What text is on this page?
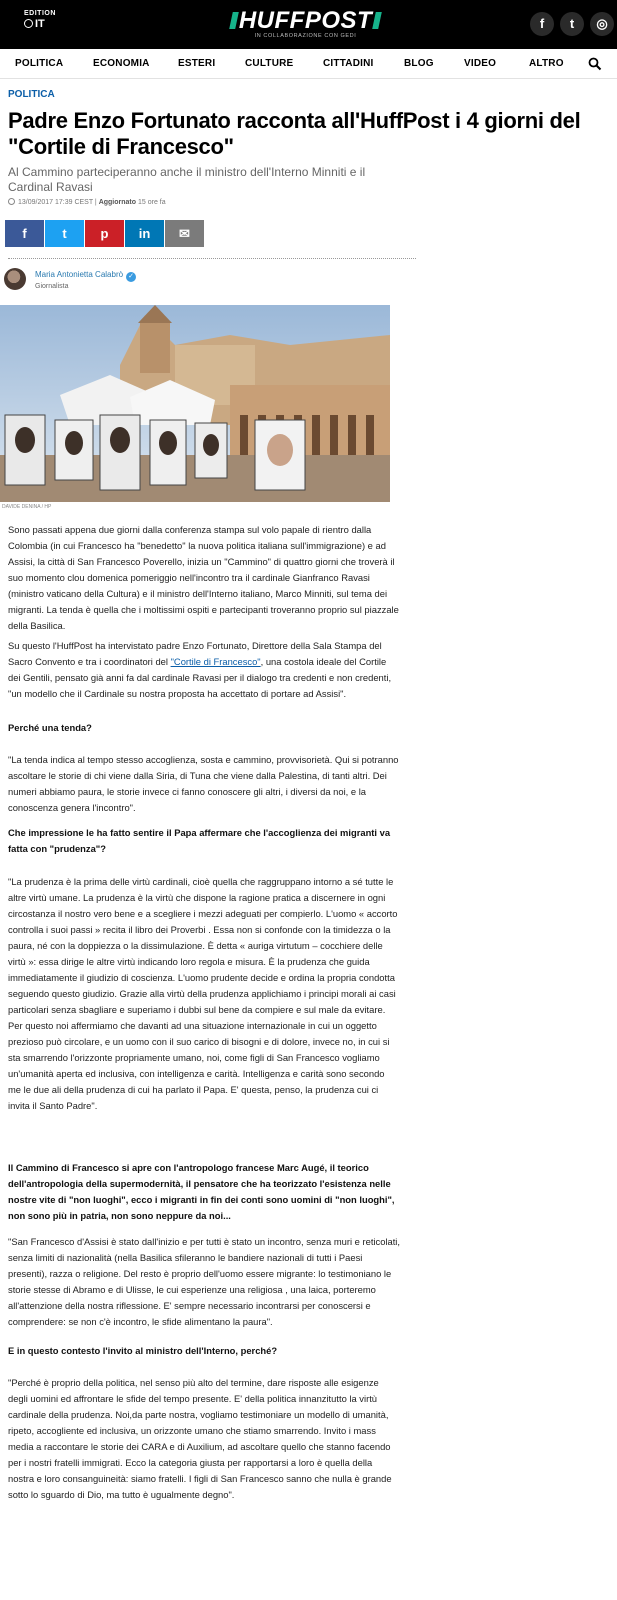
EDITION
IT	HUFFPOST
IN COLLABORAZIONE CON GEDI
f	t	◎
POLITICA	ECONOMIA	ESTERI	CULTURE	CITTADINI	BLOG	VIDEO	ALTRO
POLITICA
Padre Enzo Fortunato racconta all'HuffPost i 4 giorni del "Cortile di Francesco"
Al Cammino parteciperanno anche il ministro dell'Interno Minniti e il Cardinal Ravasi
13/09/2017 17:39 CEST | Aggiornato 15 ore fa
f	t	p	in	✉
Maria Antonietta Calabrò ✓
Giornalista
DAVIDE DENINA / HP

Sono passati appena due giorni dalla conferenza stampa sul volo papale di rientro dalla Colombia (in cui Francesco ha "benedetto" la nuova politica italiana sull'immigrazione) e ad Assisi, la città di San Francesco Poverello, inizia un "Cammino" di quattro giorni che troverà il suo momento clou domenica pomeriggio nell'incontro tra il cardinale Gianfranco Ravasi (ministro vaticano della Cultura) e il ministro dell'Interno italiano, Marco Minniti, sul tema dei migranti. La tenda è quella che i moltissimi ospiti e partecipanti troveranno proprio sul piazzale della Basilica.

Su questo l'HuffPost ha intervistato padre Enzo Fortunato, Direttore della Sala Stampa del Sacro Convento e tra i coordinatori del "Cortile di Francesco", una costola ideale del Cortile dei Gentili, pensato già anni fa dal cardinale Ravasi per il dialogo tra credenti e non credenti, "un modello che il Cardinale su nostra proposta ha accettato di portare ad Assisi".

Perché una tenda?

"La tenda indica al tempo stesso accoglienza, sosta e cammino, provvisorietà. Qui si potranno ascoltare le storie di chi viene dalla Siria, di Tuna che viene dalla Palestina, di tanti altri. Dei numeri abbiamo paura, le storie invece ci fanno conoscere gli altri, i diversi da noi, e la conoscenza genera l'incontro".

Che impressione le ha fatto sentire il Papa affermare che l'accoglienza dei migranti va fatta con "prudenza"?

"La prudenza è la prima delle virtù cardinali, cioè quella che raggruppano intorno a sé tutte le altre virtù umane. La prudenza è la virtù che dispone la ragione pratica a discernere in ogni circostanza il nostro vero bene e a scegliere i mezzi adeguati per compierlo. L'uomo « accorto controlla i suoi passi » recita il libro dei Proverbi . Essa non si confonde con la timidezza o la paura, né con la doppiezza o la dissimulazione. È detta « auriga virtutum – cocchiere delle virtù »: essa dirige le altre virtù indicando loro regola e misura. È la prudenza che guida immediatamente il giudizio di coscienza. L'uomo prudente decide e ordina la propria condotta seguendo questo giudizio. Grazie alla virtù della prudenza applichiamo i principi morali ai casi particolari senza sbagliare e superiamo i dubbi sul bene da compiere e sul male da evitare. Per questo noi affermiamo che davanti ad una situazione internazionale in cui un oggetto prezioso può circolare, e un uomo con il suo carico di bisogni e di dolore, invece no, in cui si sta smarrendo l'orizzonte propriamente umano, noi, come figli di San Francesco vogliamo un'umanità aperta ed inclusiva, con intelligenza e carità. Intelligenza e carità sono secondo me le due ali della prudenza di cui ha parlato il Papa. E' questa, penso, la prudenza cui ci invita il Santo Padre".

Il Cammino di Francesco si apre con l'antropologo francese Marc Augé, il teorico dell'antropologia della supermodernità, il pensatore che ha teorizzato l'esistenza nelle nostre vite di "non luoghi", ecco i migranti in fin dei conti sono uomini di "non luoghi", non sono più in patria, non sono neppure da noi...

"San Francesco d'Assisi è stato dall'inizio e per tutti è stato un incontro, senza muri e reticolati, senza limiti di nazionalità (nella Basilica sfileranno le bandiere nazionali di tutti i Paesi presenti), razza o religione. Del resto è proprio dell'uomo essere migrante: lo testimoniano le storie stesse di Abramo e di Ulisse, le cui esperienze una religiosa , una laica, porteremo all'attenzione della nostra riflessione. E' sempre necessario incontrarsi per conoscersi e comprendere: se non c'è incontro, le sfide alimentano la paura".

E in questo contesto l'invito al ministro dell'Interno, perché?

"Perché è proprio della politica, nel senso più alto del termine, dare risposte alle esigenze degli uomini ed affrontare le sfide del tempo presente. E' della politica innanzitutto la virtù cardinale della prudenza. Noi,da parte nostra, vogliamo testimoniare un modello di umanità, ripeto, accogliente ed inclusiva, un orizzonte umano che stiamo smarrendo. Invito i mass media a raccontare le storie dei CARA e di Auxilium, ad ascoltare quello che stanno facendo per i nostri fratelli immigrati. Ecco la categoria giusta per rapportarsi a loro è quella della nostra e loro consanguineità: siamo fratelli. I figli di San Francesco sanno che nulla è grande sotto lo sguardo di Dio, ma tutto è ugualmente degno".
